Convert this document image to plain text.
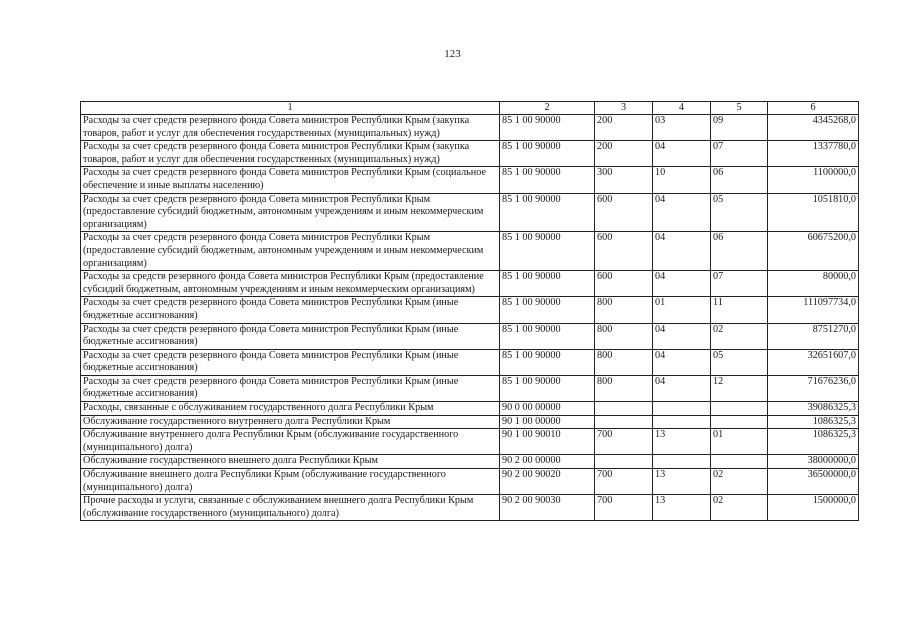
123
1	2	3	4	5	6
Расходы за счет средств резервного фонда Совета министров Республики Крым (закупка товаров, работ и услуг для обеспечения государственных (муниципальных) нужд)	85 1 00 90000	200	03	09	4345268,0
Расходы за счет средств резервного фонда Совета министров Республики Крым (закупка товаров, работ и услуг для обеспечения государственных (муниципальных) нужд)	85 1 00 90000	200	04	07	1337780,0
Расходы за счет средств резервного фонда Совета министров Республики Крым (социальное обеспечение и иные выплаты населению)	85 1 00 90000	300	10	06	1100000,0
Расходы за счет средств резервного фонда Совета министров Республики Крым (предоставление субсидий бюджетным, автономным учреждениям и иным некоммерческим организациям)	85 1 00 90000	600	04	05	1051810,0
Расходы за счет средств резервного фонда Совета министров Республики Крым (предоставление субсидий бюджетным, автономным учреждениям и иным некоммерческим организациям)	85 1 00 90000	600	04	06	60675200,0
Расходы за средств резервного фонда Совета министров Республики Крым (предоставление субсидий бюджетным, автономным учреждениям и иным некоммерческим организациям)	85 1 00 90000	600	04	07	80000,0
Расходы за счет средств резервного фонда Совета министров Республики Крым (иные бюджетные ассигнования)	85 1 00 90000	800	01	11	111097734,0
Расходы за счет средств резервного фонда Совета министров Республики Крым (иные бюджетные ассигнования)	85 1 00 90000	800	04	02	8751270,0
Расходы за счет средств резервного фонда Совета министров Республики Крым (иные бюджетные ассигнования)	85 1 00 90000	800	04	05	32651607,0
Расходы за счет средств резервного фонда Совета министров Республики Крым (иные бюджетные ассигнования)	85 1 00 90000	800	04	12	71676236,0
Расходы, связанные с обслуживанием государственного долга Республики Крым	90 0 00 00000				39086325,3
Обслуживание государственного внутреннего долга Республики Крым	90 1 00 00000				1086325,3
Обслуживание внутреннего долга Республики Крым (обслуживание государственного (муниципального) долга)	90 1 00 90010	700	13	01	1086325,3
Обслуживание государственного внешнего долга Республики Крым	90 2 00 00000				38000000,0
Обслуживание внешнего долга Республики Крым (обслуживание государственного (муниципального) долга)	90 2 00 90020	700	13	02	36500000,0
Прочие расходы и услуги, связанные с обслуживанием внешнего долга Республики Крым (обслуживание государственного (муниципального) долга)	90 2 00 90030	700	13	02	1500000,0
